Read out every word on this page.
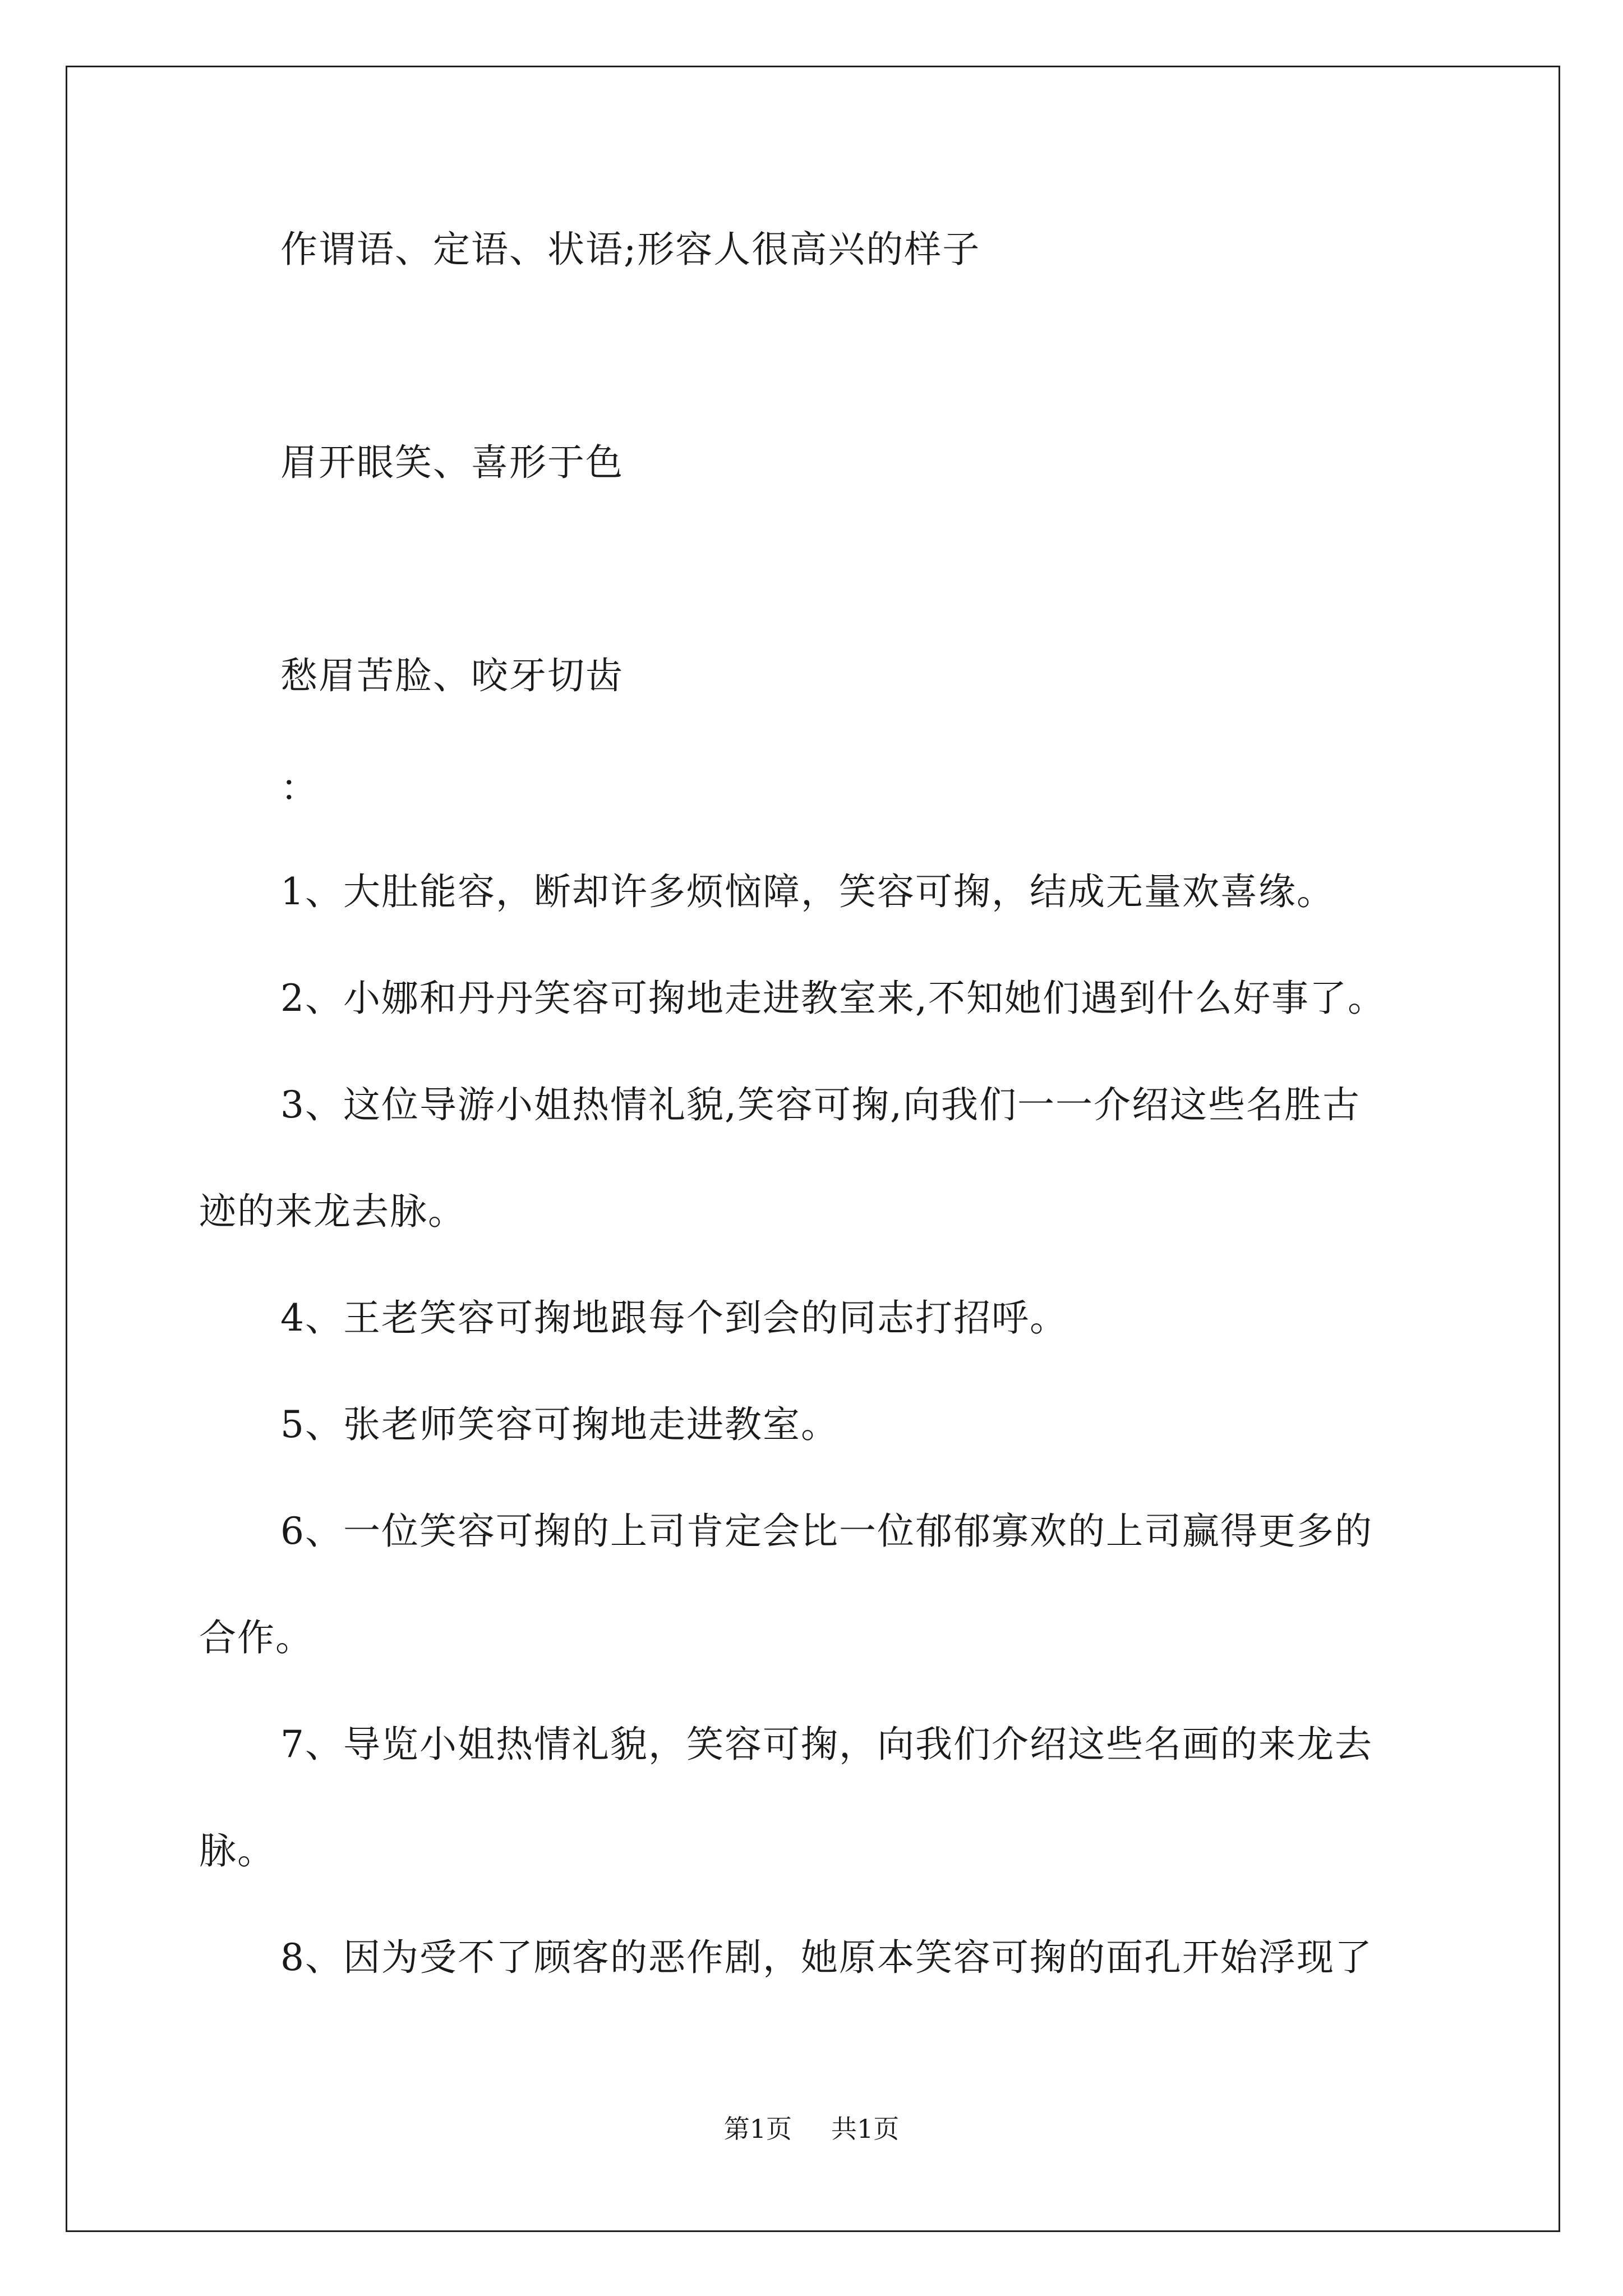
作谓语、定语、状语;形容人很高兴的样子
眉开眼笑、喜形于色
愁眉苦脸、咬牙切齿
：
1、大肚能容，断却许多烦恼障，笑容可掬，结成无量欢喜缘。
2、小娜和丹丹笑容可掬地走进教室来,不知她们遇到什么好事了。
3、这位导游小姐热情礼貌,笑容可掬,向我们一一介绍这些名胜古
迹的来龙去脉。
4、王老笑容可掬地跟每个到会的同志打招呼。
5、张老师笑容可掬地走进教室。
6、一位笑容可掬的上司肯定会比一位郁郁寡欢的上司赢得更多的
合作。
7、导览小姐热情礼貌，笑容可掬，向我们介绍这些名画的来龙去
脉。
8、因为受不了顾客的恶作剧，她原本笑容可掬的面孔开始浮现了
第1页 共1页
